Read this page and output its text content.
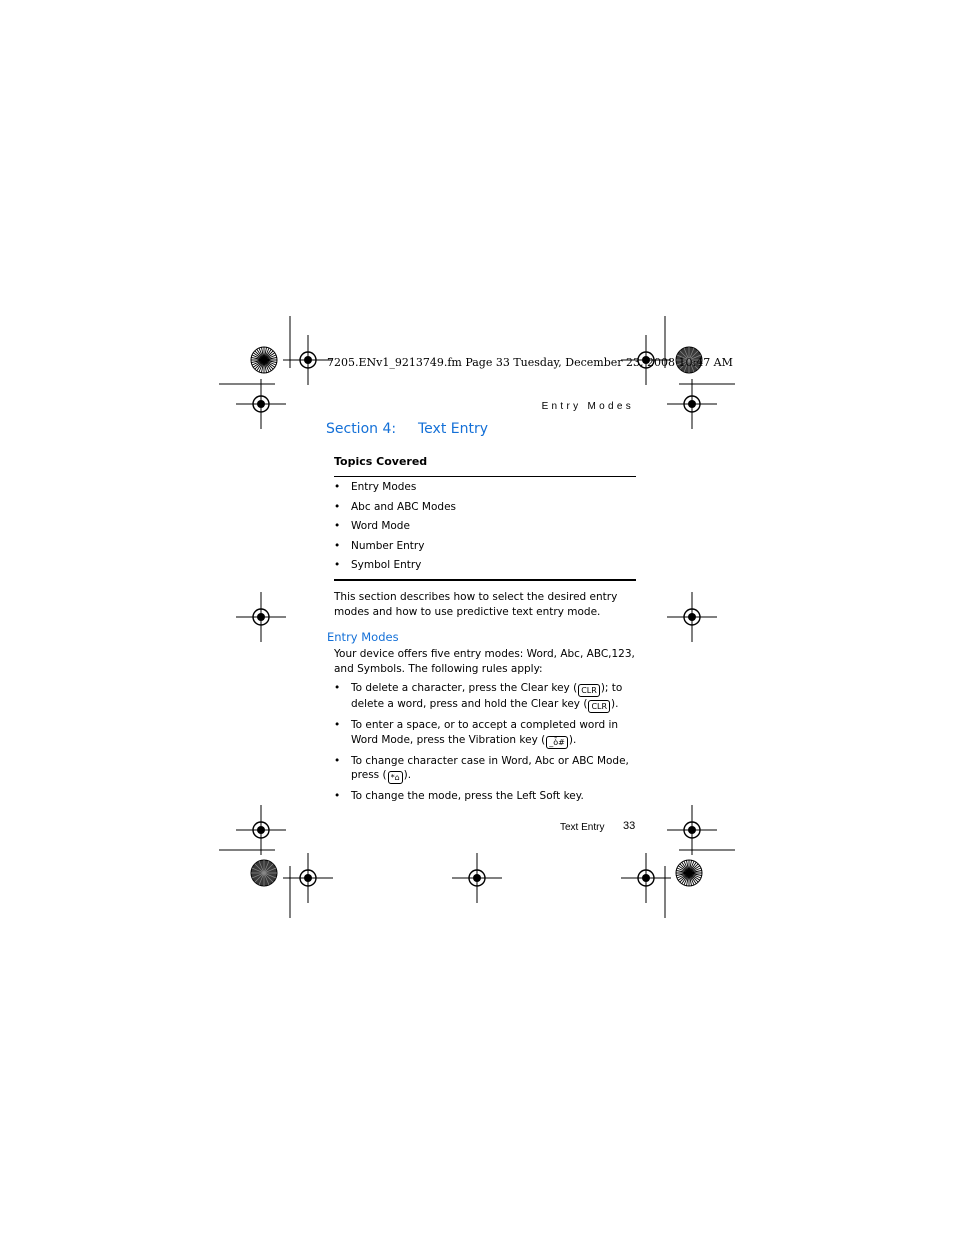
7205.ENv1_9213749.fm Page 33 Tuesday, December 23, 2008 10:47 AM
Entry Modes
Section 4: Text Entry
Topics Covered
• Entry Modes
• Abc and ABC Modes
• Word Mode
• Number Entry
• Symbol Entry
This section describes how to select the desired entry modes and how to use predictive text entry mode.
Entry Modes
Your device offers five entry modes: Word, Abc, ABC,123, and Symbols. The following rules apply:
• To delete a character, press the Clear key ( CLR ); to delete a word, press and hold the Clear key ( CLR ).
• To enter a space, or to accept a completed word in Word Mode, press the Vibration key ( _ȱ# ).
• To change character case in Word, Abc or ABC Mode, press ( *⌂ ).
• To change the mode, press the Left Soft key.
Text Entry 33
